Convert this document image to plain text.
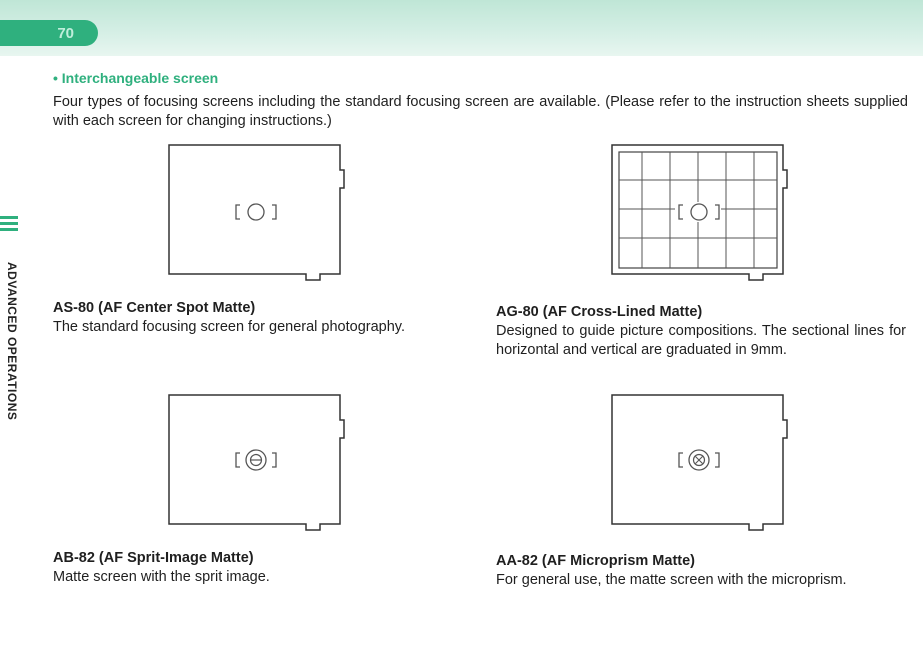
70
ADVANCED OPERATIONS
• Interchangeable screen
Four types of focusing screens including the standard focusing screen are available. (Please refer to the instruction sheets supplied with each screen for changing instructions.)
AS-80 (AF Center Spot Matte)
The standard focusing screen for general photography.
AG-80 (AF Cross-Lined Matte)
Designed to guide picture compositions. The sectional lines for horizontal and vertical are graduated in 9mm.
AB-82 (AF Sprit-Image Matte)
Matte screen with the sprit image.
AA-82 (AF Microprism Matte)
For general use, the matte screen with the microprism.
